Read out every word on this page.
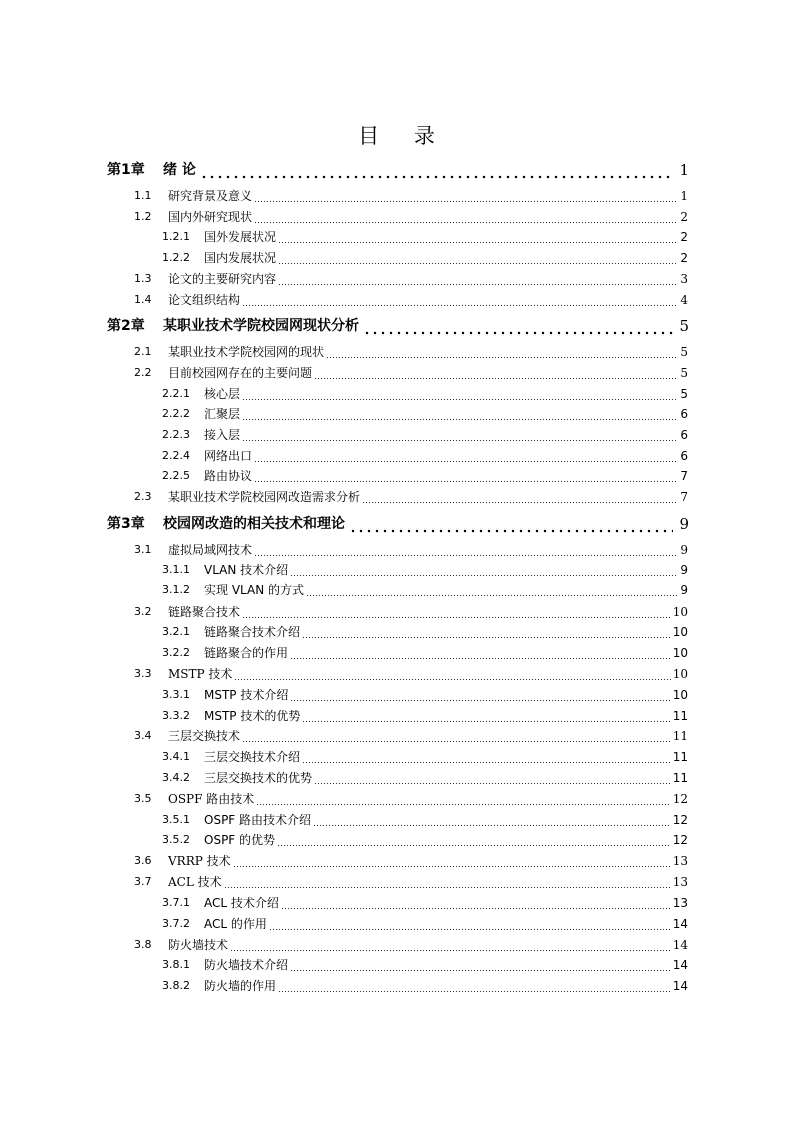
目 录
第1章	绪 论	1
1.1	研究背景及意义	1
1.2	国内外研究现状	2
1.2.1	国外发展状况	2
1.2.2	国内发展状况	2
1.3	论文的主要研究内容	3
1.4	论文组织结构	4
第2章	某职业技术学院校园网现状分析	5
2.1	某职业技术学院校园网的现状	5
2.2	目前校园网存在的主要问题	5
2.2.1	核心层	5
2.2.2	汇聚层	6
2.2.3	接入层	6
2.2.4	网络出口	6
2.2.5	路由协议	7
2.3	某职业技术学院校园网改造需求分析	7
第3章	校园网改造的相关技术和理论	9
3.1	虚拟局域网技术	9
3.1.1	VLAN 技术介绍	9
3.1.2	实现 VLAN 的方式	9
3.2	链路聚合技术	10
3.2.1	链路聚合技术介绍	10
3.2.2	链路聚合的作用	10
3.3	MSTP 技术	10
3.3.1	MSTP 技术介绍	10
3.3.2	MSTP 技术的优势	11
3.4	三层交换技术	11
3.4.1	三层交换技术介绍	11
3.4.2	三层交换技术的优势	11
3.5	OSPF 路由技术	12
3.5.1	OSPF 路由技术介绍	12
3.5.2	OSPF 的优势	12
3.6	VRRP 技术	13
3.7	ACL 技术	13
3.7.1	ACL 技术介绍	13
3.7.2	ACL 的作用	14
3.8	防火墙技术	14
3.8.1	防火墙技术介绍	14
3.8.2	防火墙的作用	14
